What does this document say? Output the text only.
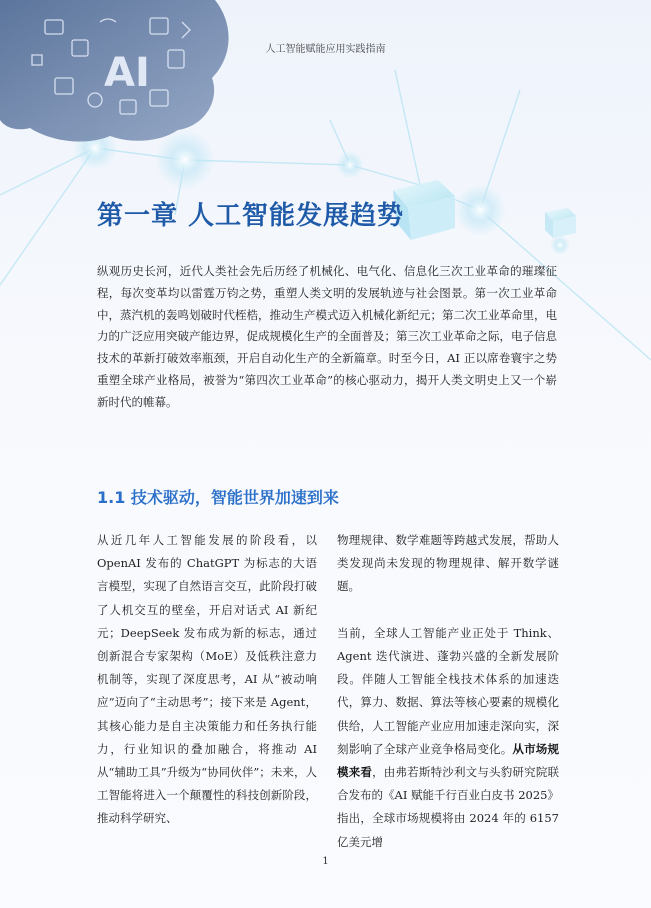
AI
人工智能赋能应用实践指南
第一章 人工智能发展趋势

纵观历史长河，近代人类社会先后历经了机械化、电气化、信息化三次工业革命的璀璨征程，每次变革均以雷霆万钧之势，重塑人类文明的发展轨迹与社会图景。第一次工业革命中，蒸汽机的轰鸣划破时代桎梏，推动生产模式迈入机械化新纪元；第二次工业革命里，电力的广泛应用突破产能边界，促成规模化生产的全面普及；第三次工业革命之际，电子信息技术的革新打破效率瓶颈，开启自动化生产的全新篇章。时至今日，AI 正以席卷寰宇之势重塑全球产业格局，被誉为“第四次工业革命”的核心驱动力，揭开人类文明史上又一个崭新时代的帷幕。

1.1 技术驱动，智能世界加速到来

从近几年人工智能发展的阶段看，以 OpenAI 发布的 ChatGPT 为标志的大语言模型，实现了自然语言交互，此阶段打破了人机交互的壁垒，开启对话式 AI 新纪元；DeepSeek 发布成为新的标志，通过创新混合专家架构（MoE）及低秩注意力机制等，实现了深度思考，AI 从“被动响应”迈向了“主动思考”；接下来是 Agent，其核心能力是自主决策能力和任务执行能力，行业知识的叠加融合，将推动 AI 从“辅助工具”升级为“协同伙伴”；未来，人工智能将进入一个颠覆性的科技创新阶段，推动科学研究、

物理规律、数学难题等跨越式发展，帮助人类发现尚未发现的物理规律、解开数学谜题。

当前，全球人工智能产业正处于 Think、Agent 迭代演进、蓬勃兴盛的全新发展阶段。伴随人工智能全栈技术体系的加速迭代，算力、数据、算法等核心要素的规模化供给，人工智能产业应用加速走深向实，深刻影响了全球产业竞争格局变化。从市场规模来看，由弗若斯特沙利文与头豹研究院联合发布的《AI 赋能千行百业白皮书 2025》指出，全球市场规模将由 2024 年的 6157 亿美元增

1
